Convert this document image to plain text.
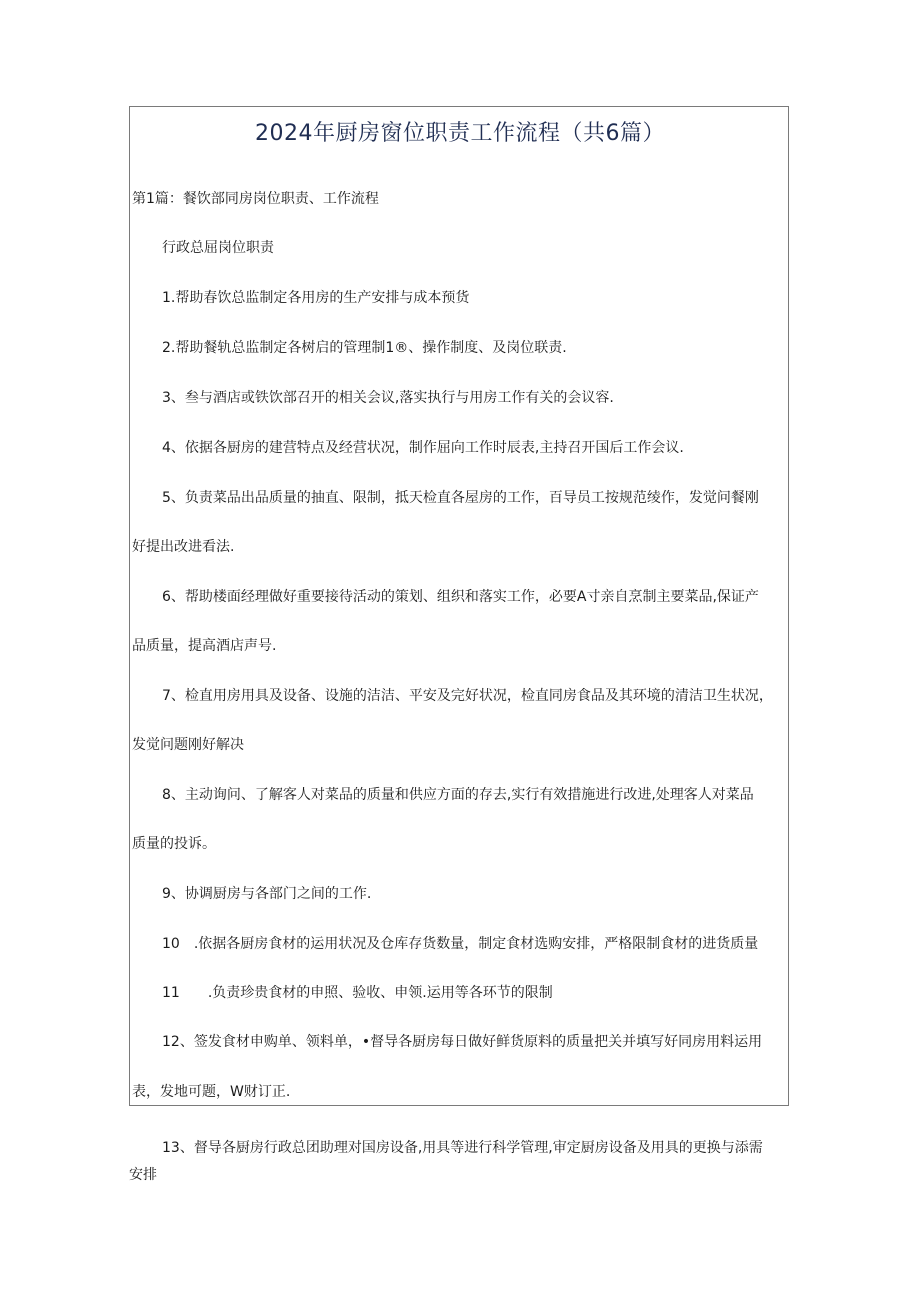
2024年厨房窗位职责工作流程（共6篇）
第1篇：餐饮部同房岗位职责、工作流程
行政总屈岗位职责
1.帮助春饮总监制定各用房的生产安排与成本预货
2.帮助餐轨总监制定各树启的管理制1®、操作制度、及岗位联责.
3、叁与酒店或铁饮部召开的相关会议,落实执行与用房工作有关的会议容.
4、依据各厨房的建营特点及经营状况，制作屈向工作时辰表,主持召开国后工作会议.
5、负责菜品出品质量的抽直、限制，抵天检直各屋房的工作，百导员工按规范绫作，发觉问餐刚
好提出改进看法.
6、帮助楼面经理做好重要接待活动的策划、组织和落实工作，必要A寸亲自烹制主要菜品,保证产
品质量，提高酒店声号.
7、检直用房用具及设备、设施的洁洁、平安及完好状况，检直同房食品及其环境的清洁卫生状况，
发觉问题刚好解决
8、主动询问、了解客人对菜品的质量和供应方面的存去,实行有效措施进行改进,处理客人对菜品
质量的投诉。
9、协调厨房与各部门之间的工作.
10　.依据各厨房食材的运用状况及仓库存货数量，制定食材选购安排，严格限制食材的进货质量
11　　.负责珍贵食材的申照、验收、申领.运用等各环节的限制
12、签发食材申购单、领料单，•督导各厨房每日做好鲜货原料的质量把关并填写好同房用料运用
表，发地可题，W财订正.
13、督导各厨房行政总团助理对国房设备,用具等进行科学管理,审定厨房设备及用具的更换与添需
安排
